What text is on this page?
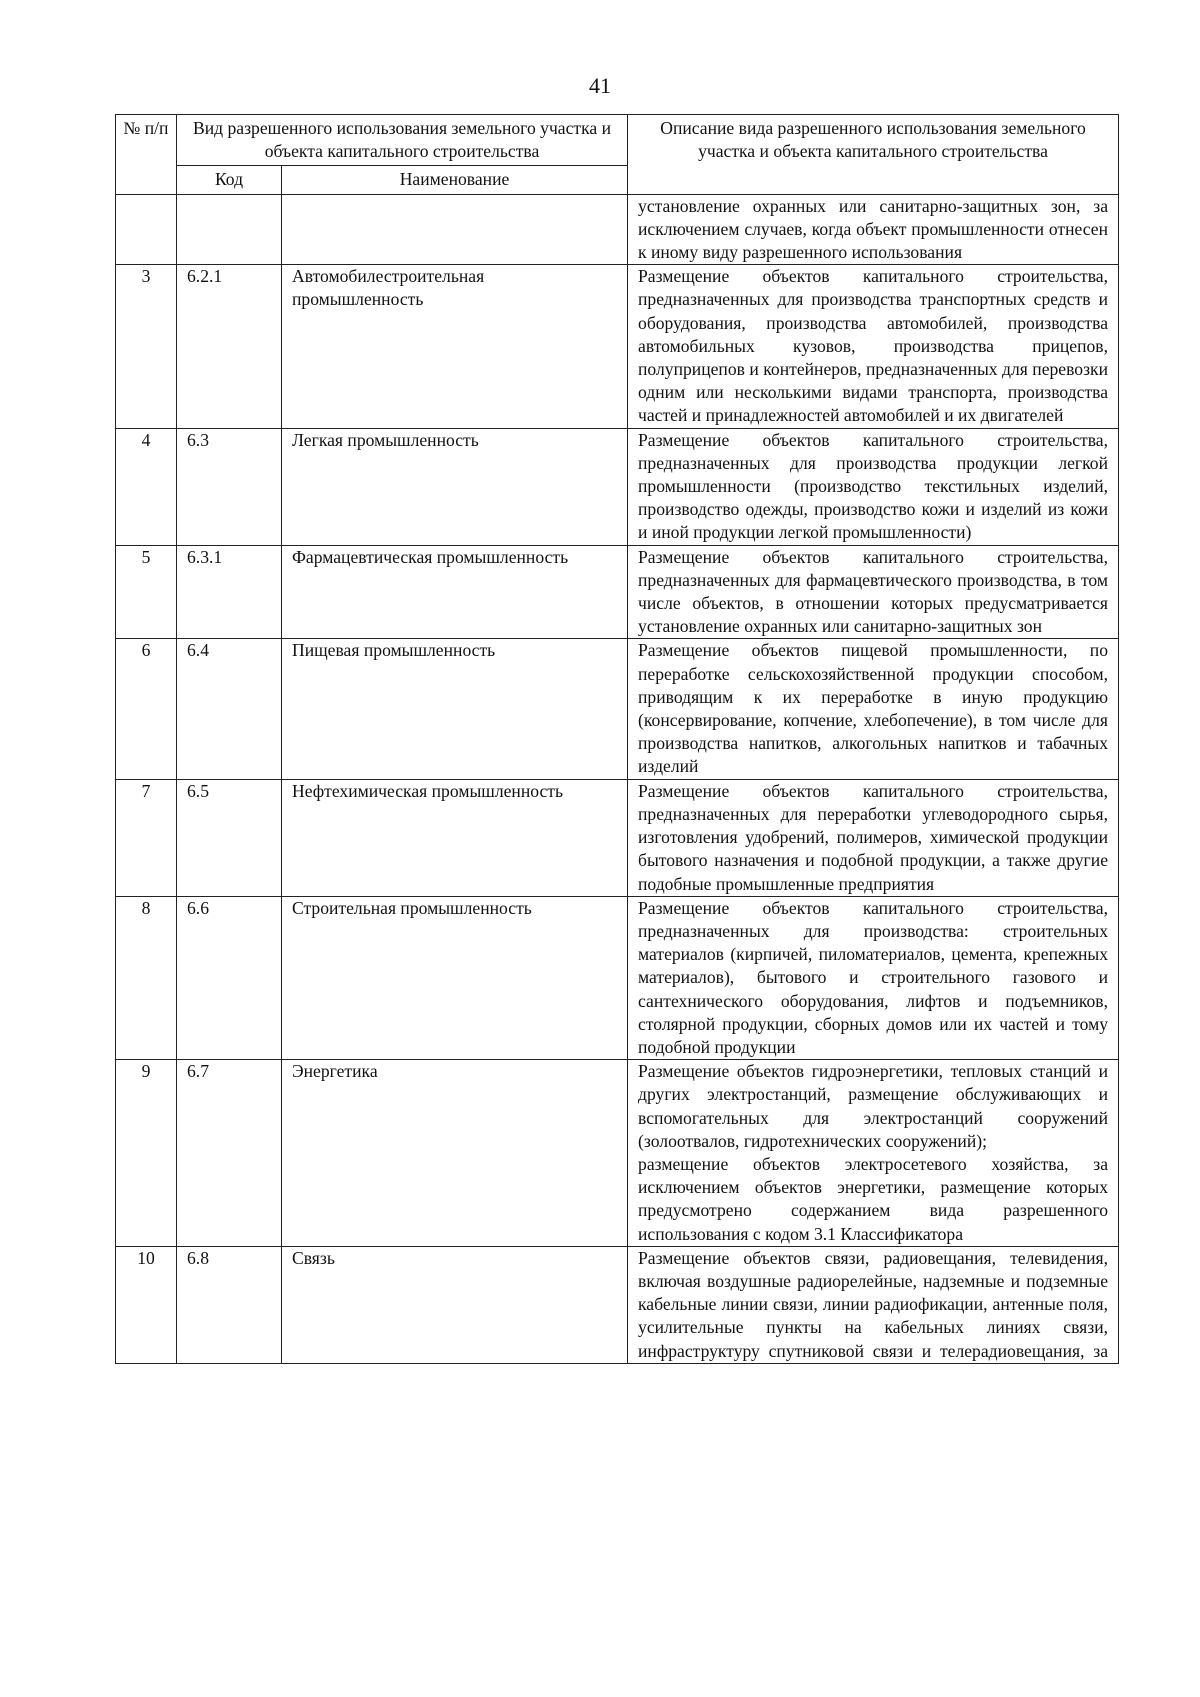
41
№ п/п	Вид разрешенного использования земельного участка и объекта капитального строительства		Описание вида разрешенного использования земельного участка и объекта капитального строительства
	Код	Наименование	

			установление охранных или санитарно-защитных зон, за исключением случаев, когда объект промышленности отнесен к иному виду разрешенного использования

3	6.2.1	Автомобилестроительная промышленность	Размещение объектов капитального строительства, предназначенных для производства транспортных средств и оборудования, производства автомобилей, производства автомобильных кузовов, производства прицепов, полуприцепов и контейнеров, предназначенных для перевозки одним или несколькими видами транспорта, производства частей и принадлежностей автомобилей и их двигателей

4	6.3	Легкая промышленность	Размещение объектов капитального строительства, предназначенных для производства продукции легкой промышленности (производство текстильных изделий, производство одежды, производство кожи и изделий из кожи и иной продукции легкой промышленности)

5	6.3.1	Фармацевтическая промышленность	Размещение объектов капитального строительства, предназначенных для фармацевтического производства, в том числе объектов, в отношении которых предусматривается установление охранных или санитарно-защитных зон

6	6.4	Пищевая промышленность	Размещение объектов пищевой промышленности, по переработке сельскохозяйственной продукции способом, приводящим к их переработке в иную продукцию (консервирование, копчение, хлебопечение), в том числе для производства напитков, алкогольных напитков и табачных изделий

7	6.5	Нефтехимическая промышленность	Размещение объектов капитального строительства, предназначенных для переработки углеводородного сырья, изготовления удобрений, полимеров, химической продукции бытового назначения и подобной продукции, а также другие подобные промышленные предприятия

8	6.6	Строительная промышленность	Размещение объектов капитального строительства, предназначенных для производства: строительных материалов (кирпичей, пиломатериалов, цемента, крепежных материалов), бытового и строительного газового и сантехнического оборудования, лифтов и подъемников, столярной продукции, сборных домов или их частей и тому подобной продукции

9	6.7	Энергетика	Размещение объектов гидроэнергетики, тепловых станций и других электростанций, размещение обслуживающих и вспомогательных для электростанций сооружений (золоотвалов, гидротехнических сооружений);
размещение объектов электросетевого хозяйства, за исключением объектов энергетики, размещение которых предусмотрено содержанием вида разрешенного использования с кодом 3.1 Классификатора

10	6.8	Связь	Размещение объектов связи, радиовещания, телевидения, включая воздушные радиорелейные, надземные и подземные кабельные линии связи, линии радиофикации, антенные поля, усилительные пункты на кабельных линиях связи, инфраструктуру спутниковой связи и телерадиовещания, за
